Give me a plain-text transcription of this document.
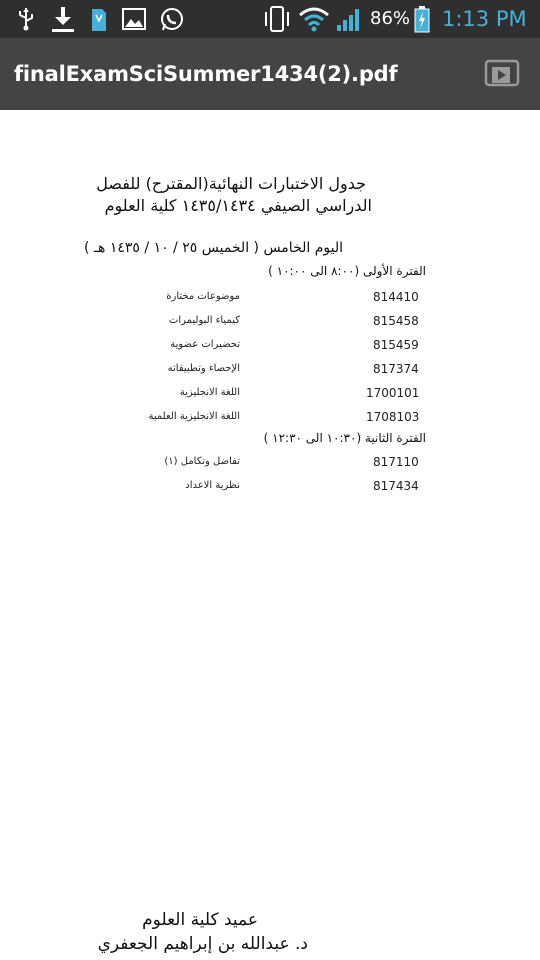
86% 1:13 PM
finalExamSciSummer1434(2).pdf
جدول الاختبارات النهائية(المقترح) للفصل
الدراسي الصيفي ١٤٣٥/١٤٣٤ كلية العلوم
اليوم الخامس ( الخميس ٢٥ / ١٠ / ١٤٣٥ هـ )
الفترة الأولى (٨:٠٠ الى ١٠:٠٠ )
موضوعات مختارة	814410
كيمياء البوليمرات	815458
تحضيرات عضوية	815459
الإحصاء وتطبيقاته	817374
اللغة الانجليزية	1700101
اللغة الانجليزية العلمية	1708103
الفترة الثانية (١٠:٣٠ الى ١٢:٣٠ )
تفاضل وتكامل (١)	817110
نظرية الاعداد	817434
عميد كلية العلوم
د. عبدالله بن إبراهيم الجعفري
